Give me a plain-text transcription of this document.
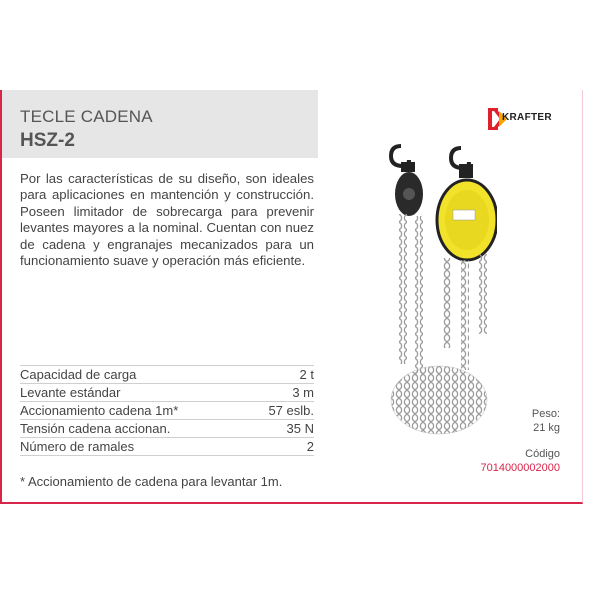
TECLE CADENA
HSZ-2
Por las características de su diseño, son ideales para aplicaciones en mantención y construcción. Poseen limitador de sobrecarga para prevenir levantes mayores a la nominal. Cuentan con nuez de cadena y engranajes mecanizados para un funcionamiento suave y operación más eficiente.
Capacidad de carga	2 t
Levante estándar	3 m
Accionamiento cadena 1m*	57 eslb.
Tensión cadena accionan.	35 N
Número de ramales	2
* Accionamiento de cadena para levantar 1m.
KRAFTER
Peso:
21 kg
Código
7014000002000
